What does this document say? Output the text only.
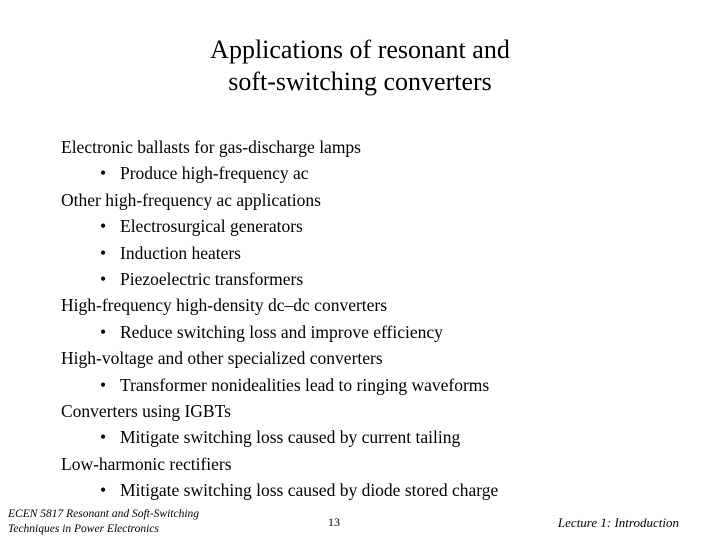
Applications of resonant and
soft-switching converters
Electronic ballasts for gas-discharge lamps
• Produce high-frequency ac
Other high-frequency ac applications
• Electrosurgical generators
• Induction heaters
• Piezoelectric transformers
High-frequency high-density dc–dc converters
• Reduce switching loss and improve efficiency
High-voltage and other specialized converters
• Transformer nonidealities lead to ringing waveforms
Converters using IGBTs
• Mitigate switching loss caused by current tailing
Low-harmonic rectifiers
• Mitigate switching loss caused by diode stored charge
ECEN 5817 Resonant and Soft-Switching
Techniques in Power Electronics	13	Lecture 1: Introduction
